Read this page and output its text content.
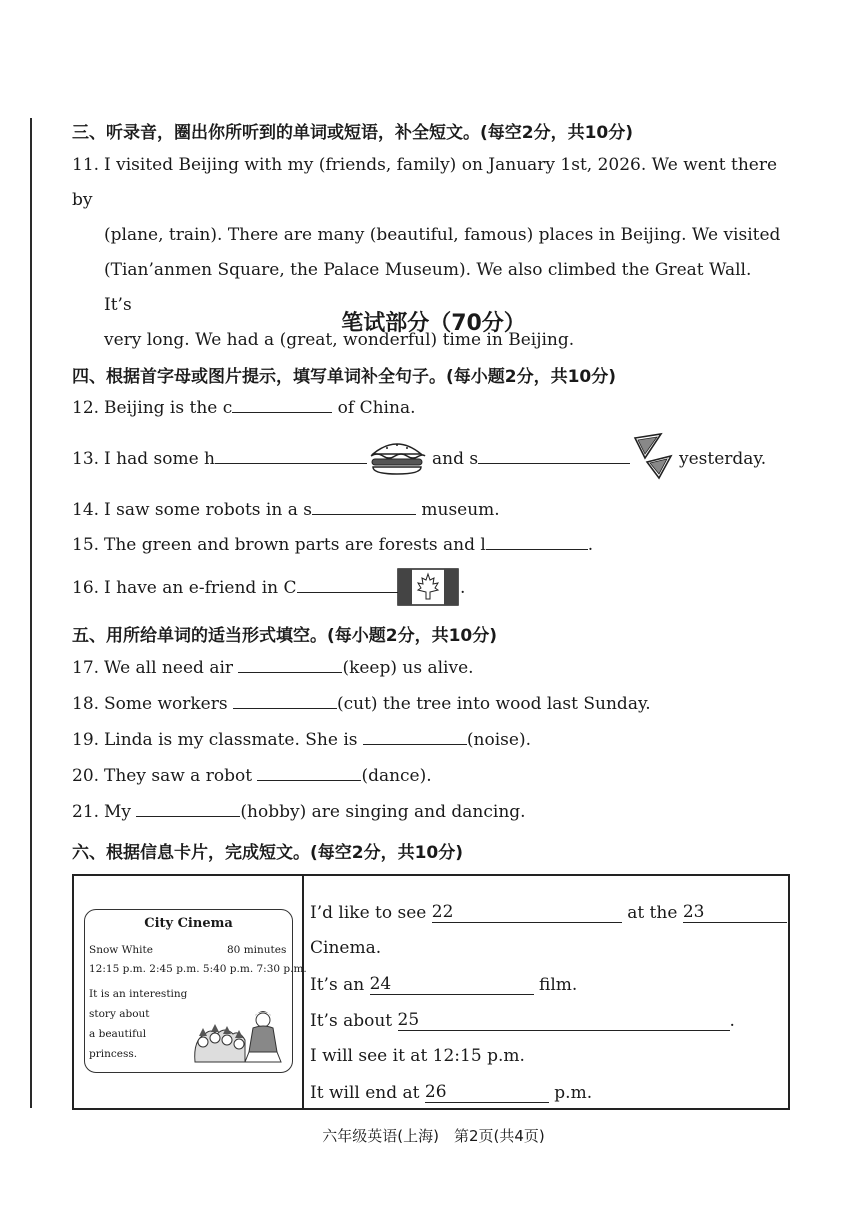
三、听录音，圈出你所听到的单词或短语，补全短文。(每空2分，共10分)
11. I visited Beijing with my (friends, family) on January 1st, 2026. We went there by
(plane, train). There are many (beautiful, famous) places in Beijing. We visited
(Tian’anmen Square, the Palace Museum). We also climbed the Great Wall. It’s
very long. We had a (great, wonderful) time in Beijing.
笔试部分（70分）
四、根据首字母或图片提示，填写单词补全句子。(每小题2分，共10分)
12. Beijing is the c	of China.
13. I had some h	and s	yesterday.
14. I saw some robots in a s	museum.
15. The green and brown parts are forests and l	.
16. I have an e-friend in C	.
五、用所给单词的适当形式填空。(每小题2分，共10分)
17. We all need air	(keep) us alive.
18. Some workers	(cut) the tree into wood last Sunday.
19. Linda is my classmate. She is	(noise).
20. They saw a robot	(dance).
21. My	(hobby) are singing and dancing.
六、根据信息卡片，完成短文。(每空2分，共10分)
City Cinema
Snow White	80 minutes
12:15 p.m. 2:45 p.m. 5:40 p.m. 7:30 p.m.
It is an interesting
story about
a beautiful
princess.
I’d like to see 22	at the 23
Cinema.
It’s an 24	film.
It’s about 25	.
I will see it at 12:15 p.m.
It will end at 26	p.m.
六年级英语(上海)　第2页(共4页)
